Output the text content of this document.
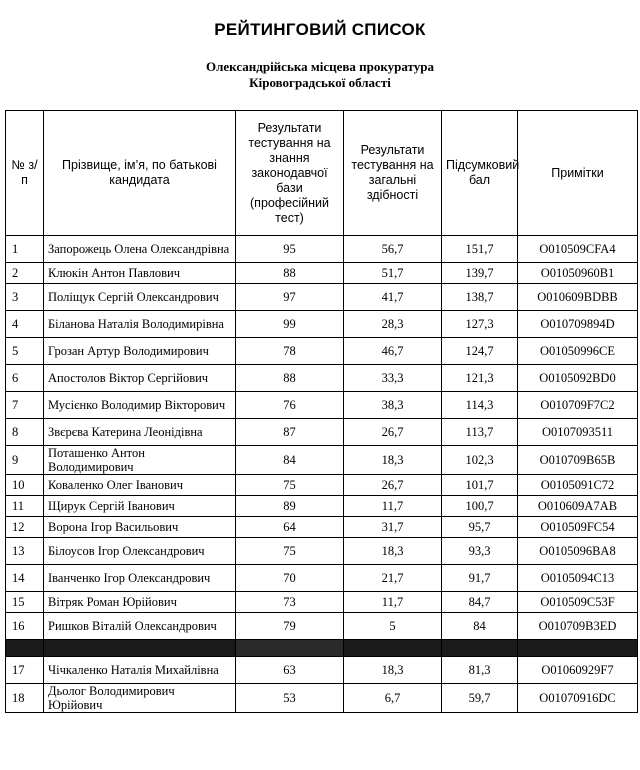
РЕЙТИНГОВИЙ СПИСОК
Олександрійська місцева прокуратура
Кіровоградської області
№ з/п	Прізвище, ім’я, по батькові кандидата	Результати тестування на знання законодавчої бази (професійний тест)	Результати тестування на загальні здібності	Підсумковий бал	Примітки
1	Запорожець Олена Олександрівна	95	56,7	151,7	О010509CFA4
2	Клюкін Антон Павлович	88	51,7	139,7	О01050960В1
3	Поліщук Сергій Олександрович	97	41,7	138,7	О010609BDBB
4	Біланова Наталія Володимирівна	99	28,3	127,3	О010709894D
5	Грозан Артур Володимирович	78	46,7	124,7	О01050996CE
6	Апостолов Віктор Сергійович	88	33,3	121,3	О0105092BD0
7	Мусієнко Володимир Вікторович	76	38,3	114,3	О010709F7C2
8	Звєрєва Катерина Леонідівна	87	26,7	113,7	О0107093511
9	Поташенко Антон Володимирович	84	18,3	102,3	О010709B65B
10	Коваленко Олег Іванович	75	26,7	101,7	О0105091C72
11	Щирук Сергій Іванович	89	11,7	100,7	О010609A7AB
12	Ворона Ігор Васильович	64	31,7	95,7	О010509FC54
13	Білоусов Ігор Олександрович	75	18,3	93,3	О0105096BA8
14	Іванченко Ігор Олександрович	70	21,7	91,7	О0105094C13
15	Вітряк Роман Юрійович	73	11,7	84,7	О010509C53F
16	Ришков Віталій Олександрович	79	5	84	О010709B3ED

17	Чічкаленко Наталія Михайлівна	63	18,3	81,3	О01060929F7
18	Дьолог Володимирович Юрійович	53	6,7	59,7	О01070916DC
